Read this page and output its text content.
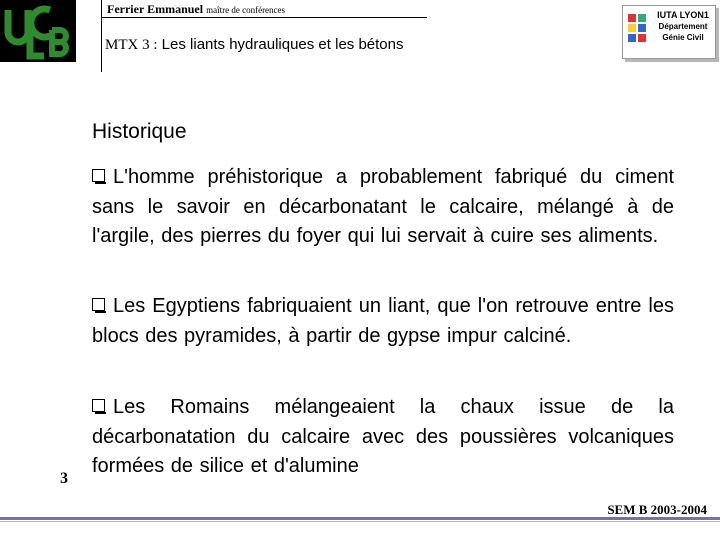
Ferrier Emmanuel maître de conférences
MTX 3 : Les liants hydrauliques et les bétons
IUTA LYON1
Département
Génie Civil
Historique
L'homme préhistorique a probablement fabriqué du ciment sans le savoir en décarbonatant le calcaire, mélangé à de l'argile, des pierres du foyer qui lui servait à cuire ses aliments.
Les Egyptiens fabriquaient un liant, que l'on retrouve entre les blocs des pyramides, à partir de gypse impur calciné.
Les Romains mélangeaient la chaux issue de la décarbonatation du calcaire avec des poussières volcaniques formées de silice et d'alumine
3
SEM B 2003-2004
